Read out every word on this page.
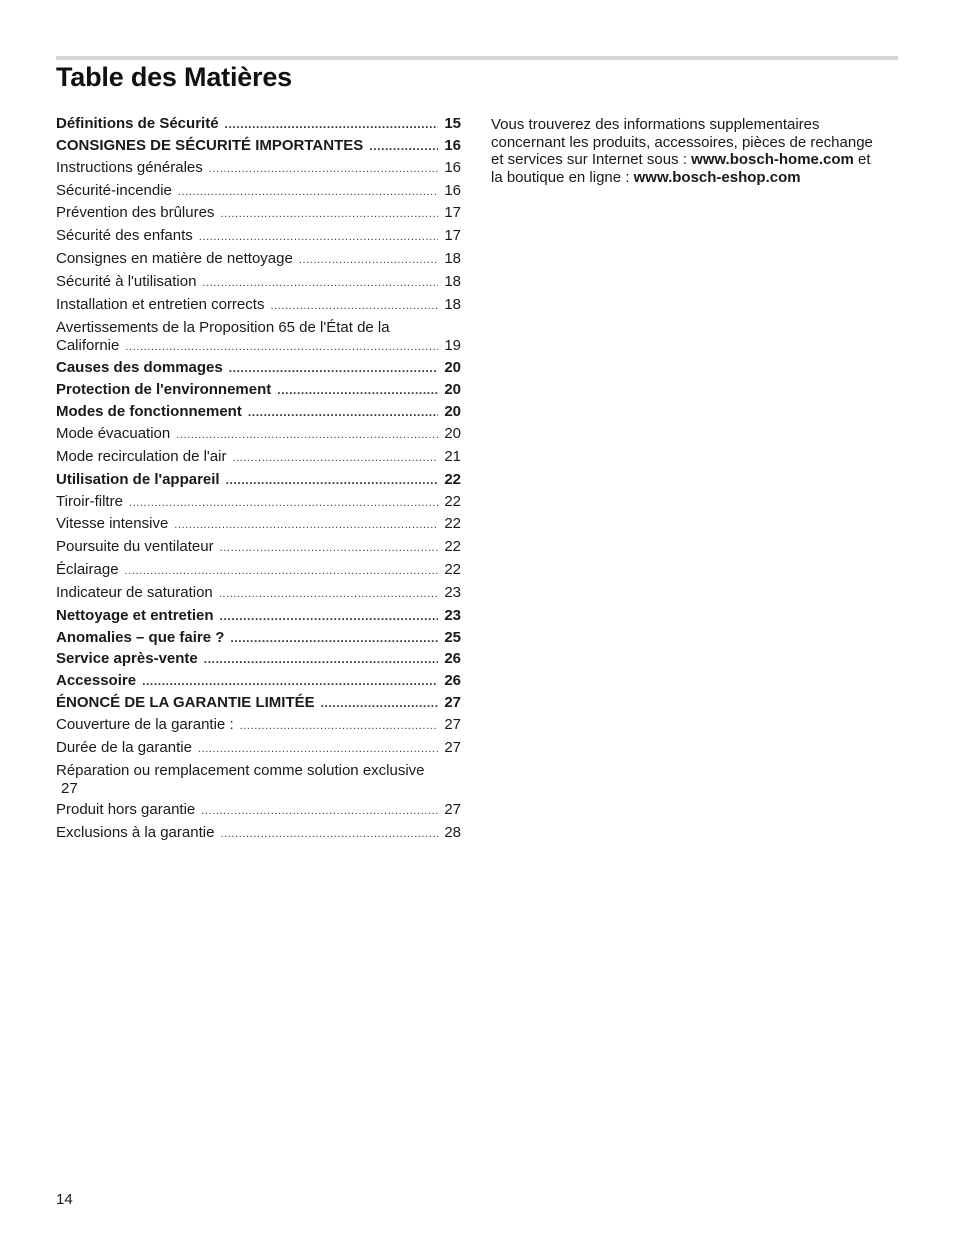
Table des Matières
Définitions de Sécurité .....	15
CONSIGNES DE SÉCURITÉ IMPORTANTES .....	16
Instructions générales .....	16
Sécurité-incendie .....	16
Prévention des brûlures .....	17
Sécurité des enfants .....	17
Consignes en matière de nettoyage .....	18
Sécurité à l'utilisation .....	18
Installation et entretien corrects .....	18
Avertissements de la Proposition 65 de l'État de la
Californie .....	19
Causes des dommages .....	20
Protection de l'environnement .....	20
Modes de fonctionnement .....	20
Mode évacuation .....	20
Mode recirculation de l'air .....	21
Utilisation de l'appareil .....	22
Tiroir-filtre .....	22
Vitesse intensive .....	22
Poursuite du ventilateur .....	22
Éclairage .....	22
Indicateur de saturation .....	23
Nettoyage et entretien .....	23
Anomalies – que faire ? .....	25
Service après-vente .....	26
Accessoire .....	26
ÉNONCÉ DE LA GARANTIE LIMITÉE .....	27
Couverture de la garantie : .....	27
Durée de la garantie .....	27
Réparation ou remplacement comme solution exclusive
27
Produit hors garantie .....	27
Exclusions à la garantie .....	28
Vous trouverez des informations supplementaires concernant les produits, accessoires, pièces de rechange et services sur Internet sous : www.bosch-home.com et la boutique en ligne : www.bosch-eshop.com
14
